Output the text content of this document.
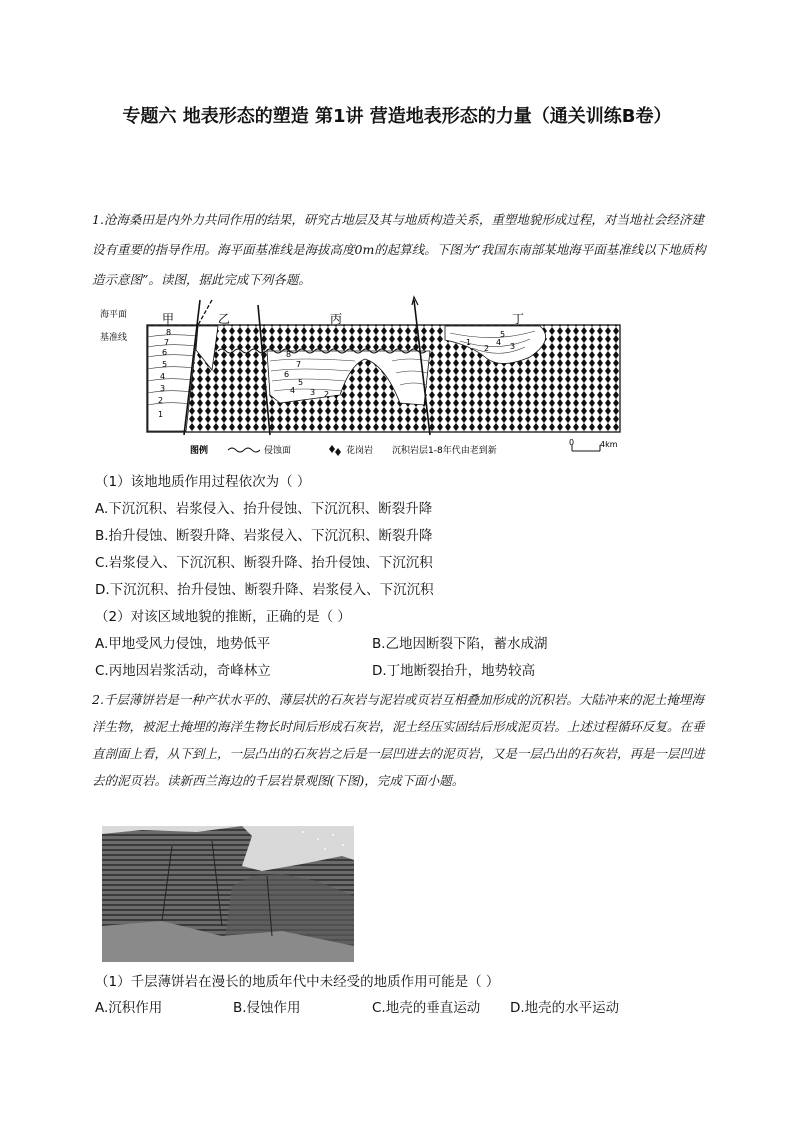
专题六 地表形态的塑造 第1讲 营造地表形态的力量（通关训练B卷）
1.沧海桑田是内外力共同作用的结果，研究古地层及其与地质构造关系，重塑地貌形成过程，对当地社会经济建设有重要的指导作用。海平面基准线是海拔高度0m的起算线。下图为“我国东南部某地海平面基准线以下地质构造示意图”。读图，据此完成下列各题。
甲	乙	丙	丁
海平面
基准线
8
7
6
5
4
3
2
1
8
7
6
5
4 3 2 1
5
4 3
2
1
图例	侵蚀面	花岗岩 沉积岩层1-8年代由老到新
0	4km
（1）该地地质作用过程依次为（ ）
A.下沉沉积、岩浆侵入、抬升侵蚀、下沉沉积、断裂升降
B.抬升侵蚀、断裂升降、岩浆侵入、下沉沉积、断裂升降
C.岩浆侵入、下沉沉积、断裂升降、抬升侵蚀、下沉沉积
D.下沉沉积、抬升侵蚀、断裂升降、岩浆侵入、下沉沉积
（2）对该区域地貌的推断，正确的是（ ）
A.甲地受风力侵蚀，地势低平	B.乙地因断裂下陷，蓄水成湖
C.丙地因岩浆活动，奇峰林立	D.丁地断裂抬升，地势较高
2.千层薄饼岩是一种产状水平的、薄层状的石灰岩与泥岩或页岩互相叠加形成的沉积岩。大陆冲来的泥土掩埋海洋生物，被泥土掩埋的海洋生物长时间后形成石灰岩，泥土经压实固结后形成泥页岩。上述过程循环反复。在垂直剖面上看，从下到上，一层凸出的石灰岩之后是一层凹进去的泥页岩，又是一层凸出的石灰岩，再是一层凹进去的泥页岩。读新西兰海边的千层岩景观图(下图)，完成下面小题。
（1）千层薄饼岩在漫长的地质年代中未经受的地质作用可能是（ ）
A.沉积作用	B.侵蚀作用	C.地壳的垂直运动 D.地壳的水平运动
